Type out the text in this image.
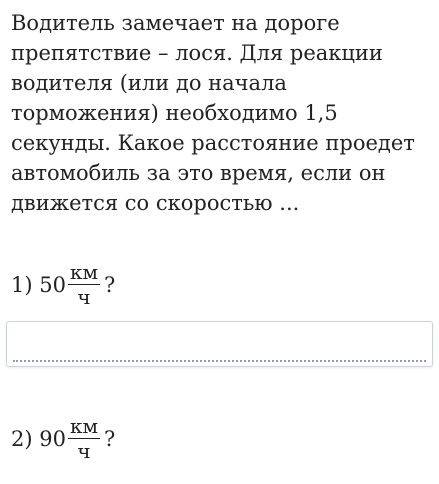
Водитель замечает на дороге
препятствие – лося. Для реакции
водителя (или до начала
торможения) необходимо 1,5
секунды. Какое расстояние проедет
автомобиль за это время, если он
движется со скоростью ...

1) $50 \frac{км}{ч}$ ?
2) $90 \frac{км}{ч}$ ?
